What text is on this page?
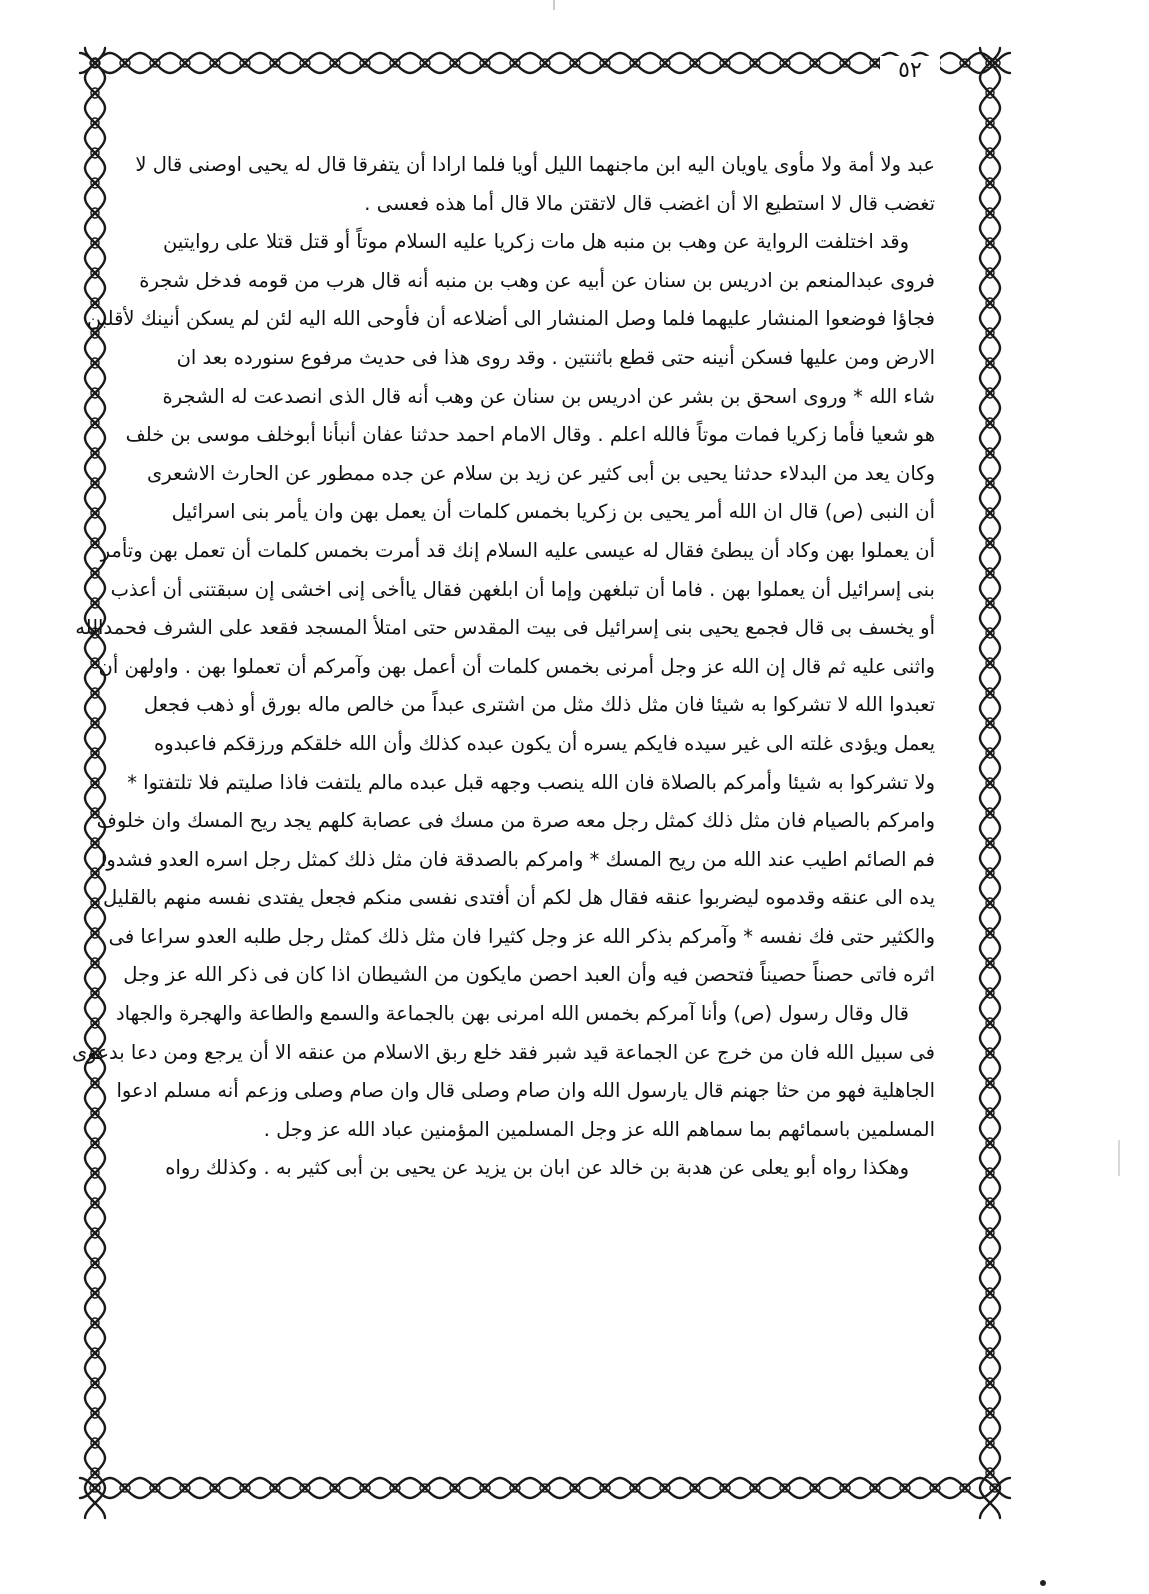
٥٢
عبد ولا أمة ولا مأوى ياويان اليه ابن ماجنهما الليل أويا فلما ارادا أن يتفرقا قال له يحيى اوصنى قال لا
تغضب قال لا استطيع الا أن اغضب قال لاتقتن مالا قال أما هذه فعسى .
وقد اختلفت الرواية عن وهب بن منبه هل مات زكريا عليه السلام موتاً أو قتل قتلا على روايتين
فروى عبدالمنعم بن ادريس بن سنان عن أبيه عن وهب بن منبه أنه قال هرب من قومه فدخل شجرة
فجاؤا فوضعوا المنشار عليهما فلما وصل المنشار الى أضلاعه أن فأوحى الله اليه لئن لم يسكن أنينك لأقلبن
الارض ومن عليها فسكن أنينه حتى قطع باثنتين . وقد روى هذا فى حديث مرفوع سنورده بعد ان
شاء الله * وروى اسحق بن بشر عن ادريس بن سنان عن وهب أنه قال الذى انصدعت له الشجرة
هو شعيا فأما زكريا فمات موتاً فالله اعلم . وقال الامام احمد حدثنا عفان أنبأنا أبوخلف موسى بن خلف
وكان يعد من البدلاء حدثنا يحيى بن أبى كثير عن زيد بن سلام عن جده ممطور عن الحارث الاشعرى
أن النبى (ص) قال ان الله أمر يحيى بن زكريا بخمس كلمات أن يعمل بهن وان يأمر بنى اسرائيل
أن يعملوا بهن وكاد أن يبطئ فقال له عيسى عليه السلام إنك قد أمرت بخمس كلمات أن تعمل بهن وتأمر
بنى إسرائيل أن يعملوا بهن . فاما أن تبلغهن وإما أن ابلغهن فقال ياأخى إنى اخشى إن سبقتنى أن أعذب
أو يخسف بى قال فجمع يحيى بنى إسرائيل فى بيت المقدس حتى امتلأ المسجد فقعد على الشرف فحمدالله
واثنى عليه ثم قال إن الله عز وجل أمرنى بخمس كلمات أن أعمل بهن وآمركم أن تعملوا بهن . واولهن أن
تعبدوا الله لا تشركوا به شيئا فان مثل ذلك مثل من اشترى عبداً من خالص ماله بورق أو ذهب فجعل
يعمل ويؤدى غلته الى غير سيده فايكم يسره أن يكون عبده كذلك وأن الله خلقكم ورزقكم فاعبدوه
ولا تشركوا به شيئا وأمركم بالصلاة فان الله ينصب وجهه قبل عبده مالم يلتفت فاذا صليتم فلا تلتفتوا *
وامركم بالصيام فان مثل ذلك كمثل رجل معه صرة من مسك فى عصابة كلهم يجد ريح المسك وان خلوف
فم الصائم اطيب عند الله من ريح المسك * وامركم بالصدقة فان مثل ذلك كمثل رجل اسره العدو فشدوا
يده الى عنقه وقدموه ليضربوا عنقه فقال هل لكم أن أفتدى نفسى منكم فجعل يفتدى نفسه منهم بالقليل
والكثير حتى فك نفسه * وآمركم بذكر الله عز وجل كثيرا فان مثل ذلك كمثل رجل طلبه العدو سراعا فى
اثره فاتى حصناً حصيناً فتحصن فيه وأن العبد احصن مايكون من الشيطان اذا كان فى ذكر الله عز وجل
قال وقال رسول (ص) وأنا آمركم بخمس الله امرنى بهن بالجماعة والسمع والطاعة والهجرة والجهاد
فى سبيل الله فان من خرج عن الجماعة قيد شبر فقد خلع ربق الاسلام من عنقه الا أن يرجع ومن دعا بدعوى
الجاهلية فهو من حثا جهنم قال يارسول الله وان صام وصلى قال وان صام وصلى وزعم أنه مسلم ادعوا
المسلمين باسمائهم بما سماهم الله عز وجل المسلمين المؤمنين عباد الله عز وجل .
وهكذا رواه أبو يعلى عن هدبة بن خالد عن ابان بن يزيد عن يحيى بن أبى كثير به . وكذلك رواه
